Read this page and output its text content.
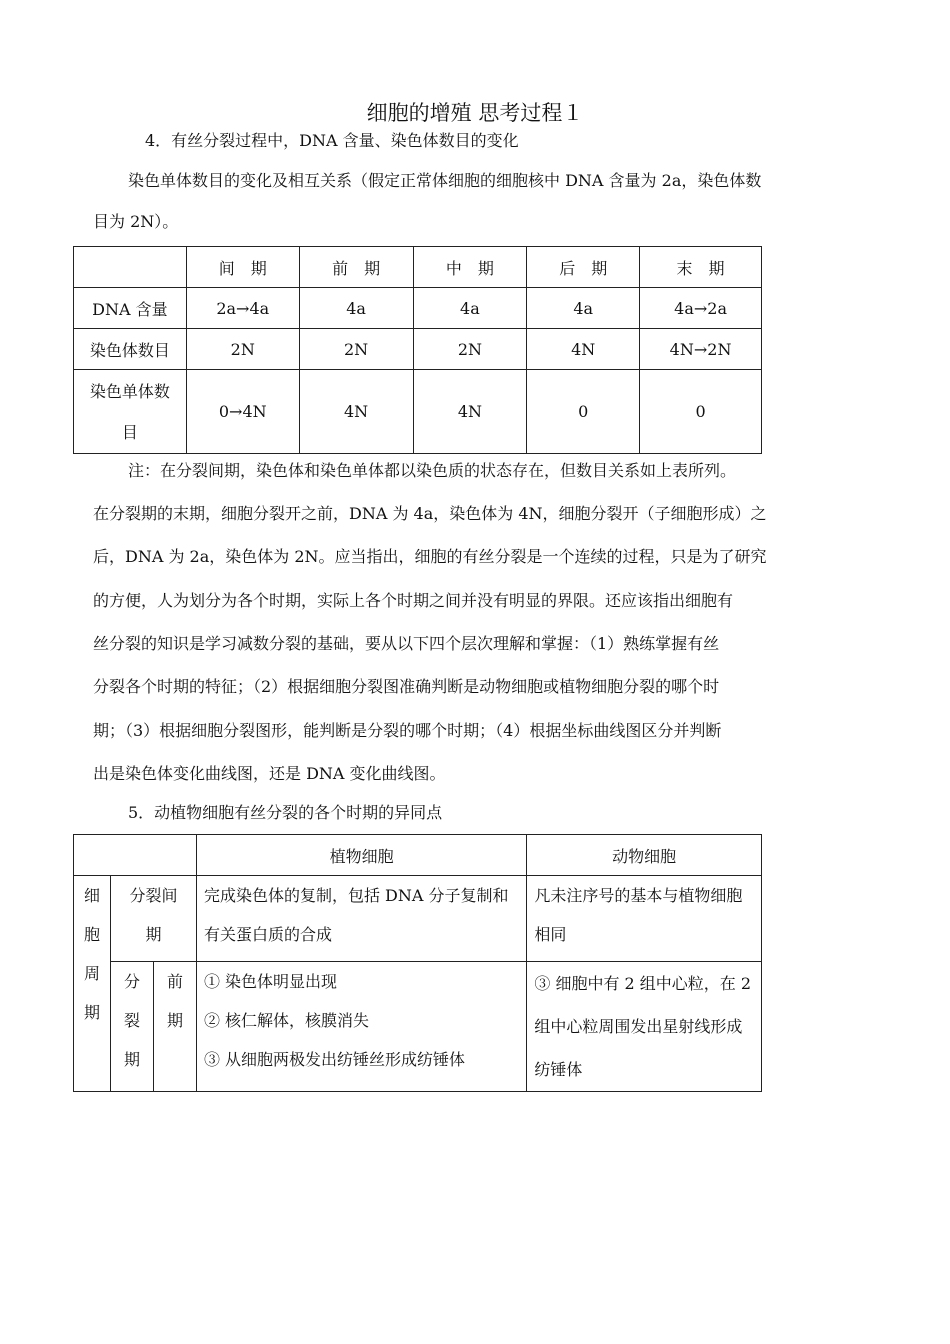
细胞的增殖 思考过程１
4．有丝分裂过程中，DNA 含量、染色体数目的变化
染色单体数目的变化及相互关系（假定正常体细胞的细胞核中 DNA 含量为 2a，染色体数
目为 2N）。
	间　期	前　期	中　期	后　期	末　期
DNA 含量	2a→4a	4a	4a	4a	4a→2a
染色体数目	2N	2N	2N	4N	4N→2N

染色单体数
目	0→4N	4N	4N	0	0
注：在分裂间期，染色体和染色单体都以染色质的状态存在，但数目关系如上表所列。
在分裂期的末期，细胞分裂开之前，DNA 为 4a，染色体为 4N，细胞分裂开（子细胞形成）之
后，DNA 为 2a，染色体为 2N。应当指出，细胞的有丝分裂是一个连续的过程，只是为了研究
的方便，人为划分为各个时期，实际上各个时期之间并没有明显的界限。还应该指出细胞有
丝分裂的知识是学习减数分裂的基础，要从以下四个层次理解和掌握：（1）熟练掌握有丝
分裂各个时期的特征；（2）根据细胞分裂图准确判断是动物细胞或植物细胞分裂的哪个时
期；（3）根据细胞分裂图形，能判断是分裂的哪个时期；（4）根据坐标曲线图区分并判断
出是染色体变化曲线图，还是 DNA 变化曲线图。
5．动植物细胞有丝分裂的各个时期的异同点
			植物细胞	动物细胞

细胞周期	分裂间期		完成染色体的复制，包括 DNA 分子复制和有关蛋白质的合成	凡未注序号的基本与植物细胞相同

	分裂期	前期	① 染色体明显出现
② 核仁解体，核膜消失
③ 从细胞两极发出纺锤丝形成纺锤体	③ 细胞中有 2 组中心粒，在 2 组中心粒周围发出星射线形成纺锤体
